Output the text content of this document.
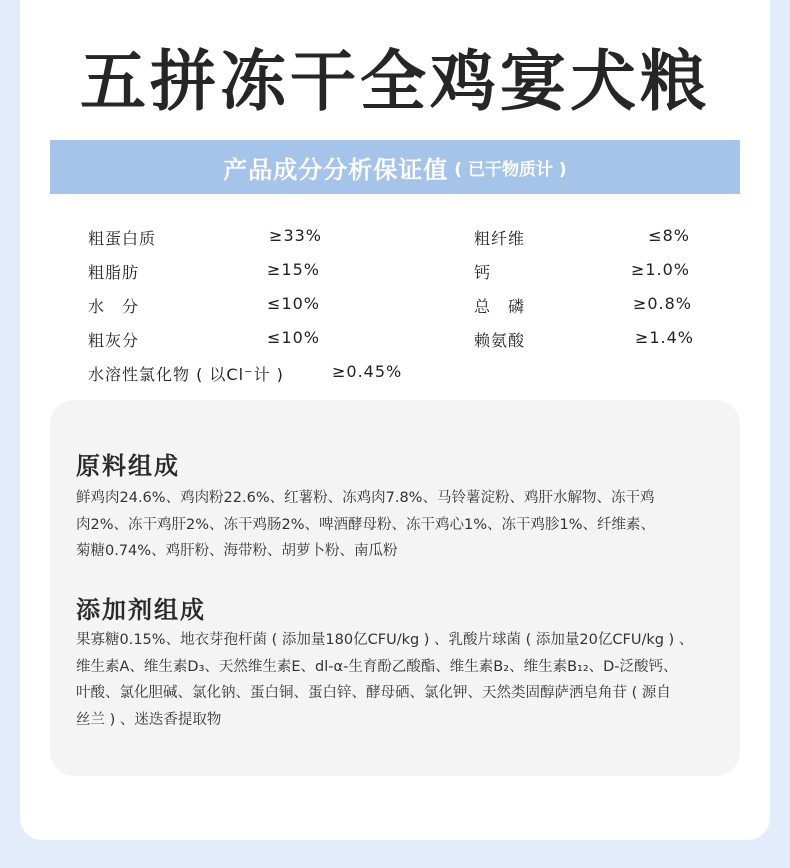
五拼冻干全鸡宴犬粮
产品成分分析保证值 ( 已干物质计 )
粗蛋白质	≥33%
粗脂肪	≥15%
水　分	≤10%
粗灰分	≤10%
粗纤维	≤8%
钙	≥1.0%
总　磷	≥0.8%
赖氨酸	≥1.4%
水溶性氯化物 ( 以Cl⁻计 )	≥0.45%
原料组成
鲜鸡肉24.6%、鸡肉粉22.6%、红薯粉、冻鸡肉7.8%、马铃薯淀粉、鸡肝水解物、冻干鸡
肉2%、冻干鸡肝2%、冻干鸡肠2%、啤酒酵母粉、冻干鸡心1%、冻干鸡胗1%、纤维素、
菊糖0.74%、鸡肝粉、海带粉、胡萝卜粉、南瓜粉
添加剂组成
果寡糖0.15%、地衣芽孢杆菌 ( 添加量180亿CFU/kg ) 、乳酸片球菌 ( 添加量20亿CFU/kg ) 、
维生素A、维生素D₃、天然维生素E、dl-α-生育酚乙酸酯、维生素B₂、维生素B₁₂、D-泛酸钙、
叶酸、氯化胆碱、氯化钠、蛋白铜、蛋白锌、酵母硒、氯化钾、天然类固醇萨洒皂角苷 ( 源自
丝兰 ) 、迷迭香提取物
